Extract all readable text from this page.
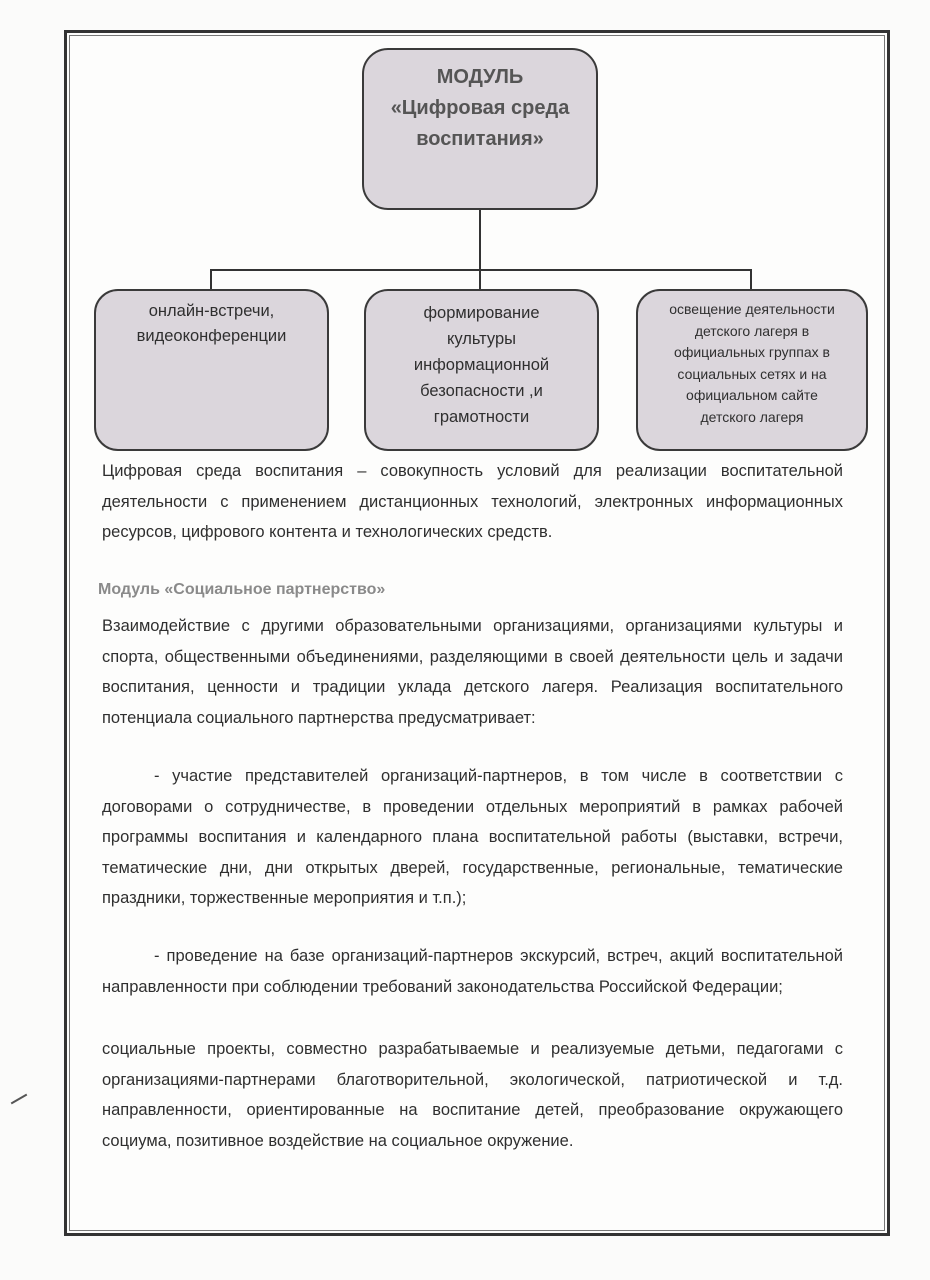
МОДУЛЬ
«Цифровая среда
воспитания»
онлайн-встречи,
видеоконференции
формирование
культуры
информационной
безопасности ,и
грамотности
освещение деятельности
детского лагеря в
официальных группах в
социальных сетях и на
официальном сайте
детского лагеря

Цифровая среда воспитания – совокупность условий для реализации воспитательной деятельности с применением дистанционных технологий, электронных информационных ресурсов, цифрового контента и технологических средств.

Модуль «Социальное партнерство»

Взаимодействие с другими образовательными организациями, организациями культуры и спорта, общественными объединениями, разделяющими в своей деятельности цель и задачи воспитания, ценности и традиции уклада детского лагеря. Реализация воспитательного потенциала социального партнерства предусматривает:

- участие представителей организаций-партнеров, в том числе в соответствии с договорами о сотрудничестве, в проведении отдельных мероприятий в рамках рабочей программы воспитания и календарного плана воспитательной работы (выставки, встречи, тематические дни, дни открытых дверей, государственные, региональные, тематические праздники, торжественные мероприятия и т.п.);

- проведение на базе организаций-партнеров экскурсий, встреч, акций воспитательной направленности при соблюдении требований законодательства Российской Федерации;

социальные проекты, совместно разрабатываемые и реализуемые детьми, педагогами с организациями-партнерами благотворительной, экологической, патриотической и т.д. направленности, ориентированные на воспитание детей, преобразование окружающего социума, позитивное воздействие на социальное окружение.
